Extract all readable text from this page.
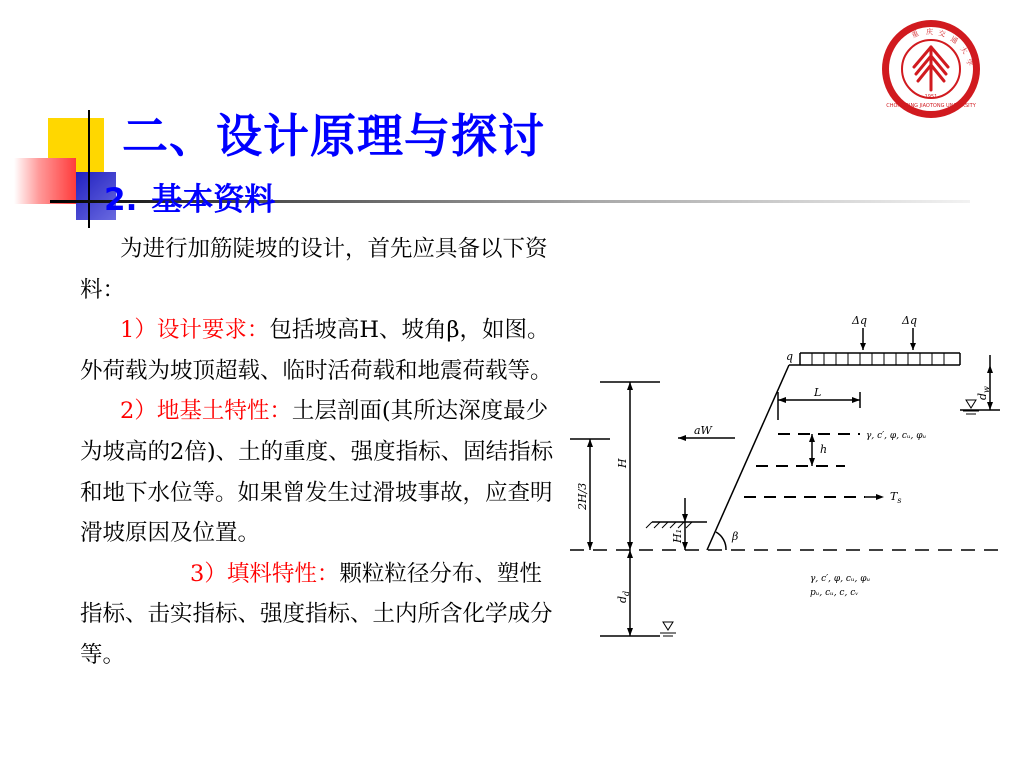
二、设计原理与探讨
2. 基本资料
重 庆 交
通
大
学
CHONGQING JIAOTONG UNIVERSITY
1951

为进行加筋陡坡的设计，首先应具备以下资料：

1）设计要求：包括坡高H、坡角β，如图。外荷载为坡顶超载、临时活荷载和地震荷载等。

2）地基土特性：土层剖面(其所达深度最少为坡高的2倍)、土的重度、强度指标、固结指标和地下水位等。如果曾发生过滑坡事故，应查明滑坡原因及位置。

3）填料特性：颗粒粒径分布、塑性指标、击实指标、强度指标、土内所含化学成分等。

Δq	Δq
q
L
aW
h
β
$T_s$
γ, c′, φ, cᵤ, φᵤ
γ, c′, φ, cᵤ, φᵤ
pᵤ, cᵤ, c, cᵥ
H
2H/3
H₁
$d_d$
$d_w$
